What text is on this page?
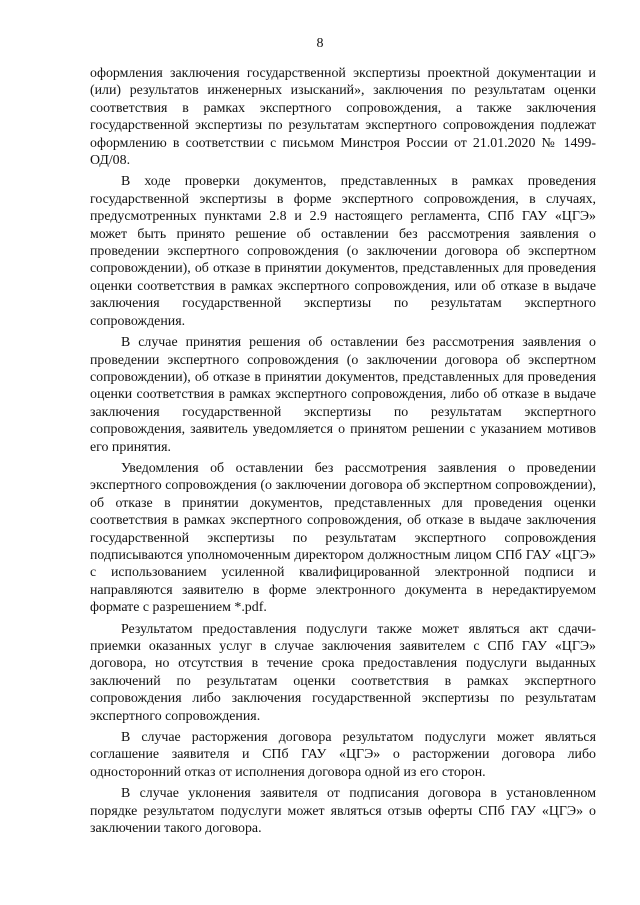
8

оформления заключения государственной экспертизы проектной документации и (или) результатов инженерных изысканий», заключения по результатам оценки соответствия в рамках экспертного сопровождения, а также заключения государственной экспертизы по результатам экспертного сопровождения подлежат оформлению в соответствии с письмом Минстроя России от 21.01.2020 № 1499-ОД/08.

В ходе проверки документов, представленных в рамках проведения государственной экспертизы в форме экспертного сопровождения, в случаях, предусмотренных пунктами 2.8 и 2.9 настоящего регламента, СПб ГАУ «ЦГЭ» может быть принято решение об оставлении без рассмотрения заявления о проведении экспертного сопровождения (о заключении договора об экспертном сопровождении), об отказе в принятии документов, представленных для проведения оценки соответствия в рамках экспертного сопровождения, или об отказе в выдаче заключения государственной экспертизы по результатам экспертного сопровождения.

В случае принятия решения об оставлении без рассмотрения заявления о проведении экспертного сопровождения (о заключении договора об экспертном сопровождении), об отказе в принятии документов, представленных для проведения оценки соответствия в рамках экспертного сопровождения, либо об отказе в выдаче заключения государственной экспертизы по результатам экспертного сопровождения, заявитель уведомляется о принятом решении с указанием мотивов его принятия.

Уведомления об оставлении без рассмотрения заявления о проведении экспертного сопровождения (о заключении договора об экспертном сопровождении), об отказе в принятии документов, представленных для проведения оценки соответствия в рамках экспертного сопровождения, об отказе в выдаче заключения государственной экспертизы по результатам экспертного сопровождения подписываются уполномоченным директором должностным лицом СПб ГАУ «ЦГЭ» с использованием усиленной квалифицированной электронной подписи и направляются заявителю в форме электронного документа в нередактируемом формате с разрешением *.pdf.

Результатом предоставления подуслуги также может являться акт сдачи-приемки оказанных услуг в случае заключения заявителем с СПб ГАУ «ЦГЭ» договора, но отсутствия в течение срока предоставления подуслуги выданных заключений по результатам оценки соответствия в рамках экспертного сопровождения либо заключения государственной экспертизы по результатам экспертного сопровождения.

В случае расторжения договора результатом подуслуги может являться соглашение заявителя и СПб ГАУ «ЦГЭ» о расторжении договора либо односторонний отказ от исполнения договора одной из его сторон.

В случае уклонения заявителя от подписания договора в установленном порядке результатом подуслуги может являться отзыв оферты СПб ГАУ «ЦГЭ» о заключении такого договора.
